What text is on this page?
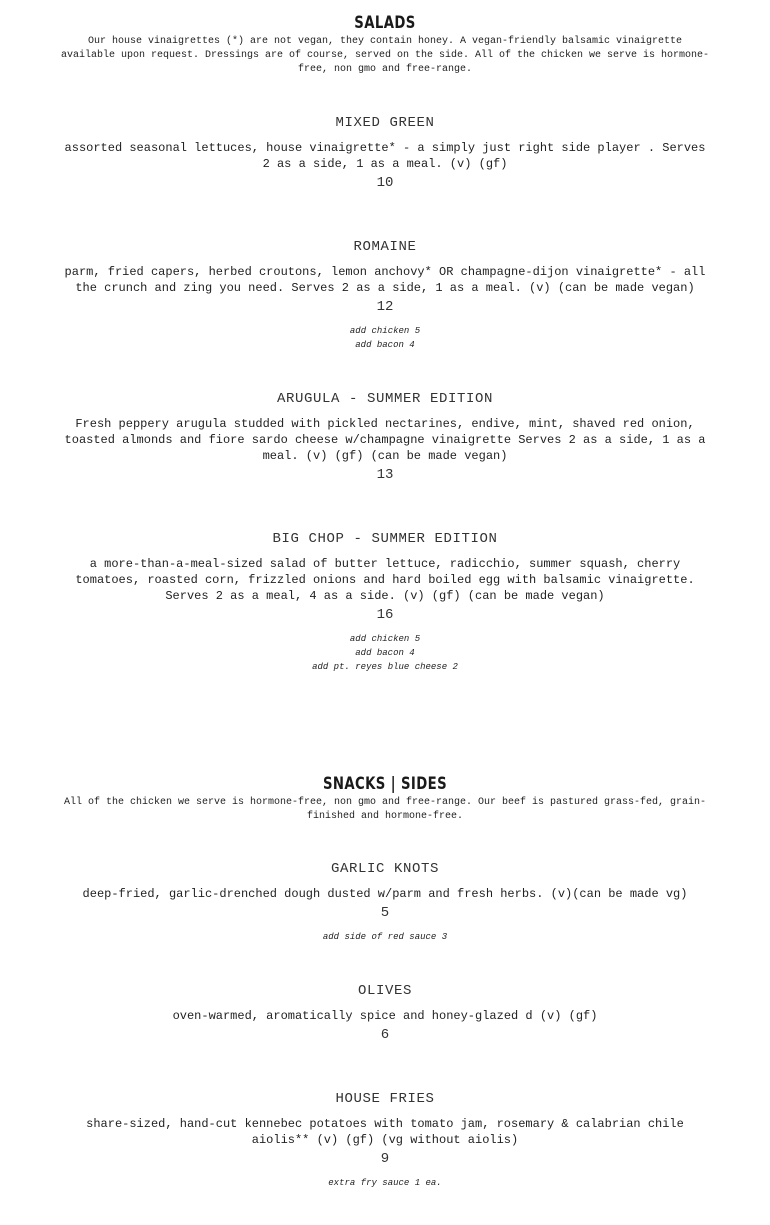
SALADS

Our house vinaigrettes (*) are not vegan, they contain honey. A vegan-friendly balsamic vinaigrette available upon request. Dressings are of course, served on the side. All of the chicken we serve is hormone-free, non gmo and free-range.

MIXED GREEN

assorted seasonal lettuces, house vinaigrette* - a simply just right side player . Serves 2 as a side, 1 as a meal. (v) (gf)

10

ROMAINE

parm, fried capers, herbed croutons, lemon anchovy* OR champagne-dijon vinaigrette* - all the crunch and zing you need. Serves 2 as a side, 1 as a meal. (v) (can be made vegan)

12

add chicken 5
add bacon 4

ARUGULA - SUMMER EDITION

Fresh peppery arugula studded with pickled nectarines, endive, mint, shaved red onion, toasted almonds and fiore sardo cheese w/champagne vinaigrette Serves 2 as a side, 1 as a meal. (v) (gf) (can be made vegan)

13

BIG CHOP - SUMMER EDITION

a more-than-a-meal-sized salad of butter lettuce, radicchio, summer squash, cherry tomatoes, roasted corn, frizzled onions and hard boiled egg with balsamic vinaigrette. Serves 2 as a meal, 4 as a side. (v) (gf) (can be made vegan)

16

add chicken 5
add bacon 4
add pt. reyes blue cheese 2
SNACKS | SIDES

All of the chicken we serve is hormone-free, non gmo and free-range. Our beef is pastured grass-fed, grain-finished and hormone-free.

GARLIC KNOTS

deep-fried, garlic-drenched dough dusted w/parm and fresh herbs. (v)(can be made vg)

5

add side of red sauce 3

OLIVES

oven-warmed, aromatically spice and honey-glazed d (v) (gf)

6

HOUSE FRIES

share-sized, hand-cut kennebec potatoes with tomato jam, rosemary & calabrian chile aiolis** (v) (gf) (vg without aiolis)

9

extra fry sauce 1 ea.
